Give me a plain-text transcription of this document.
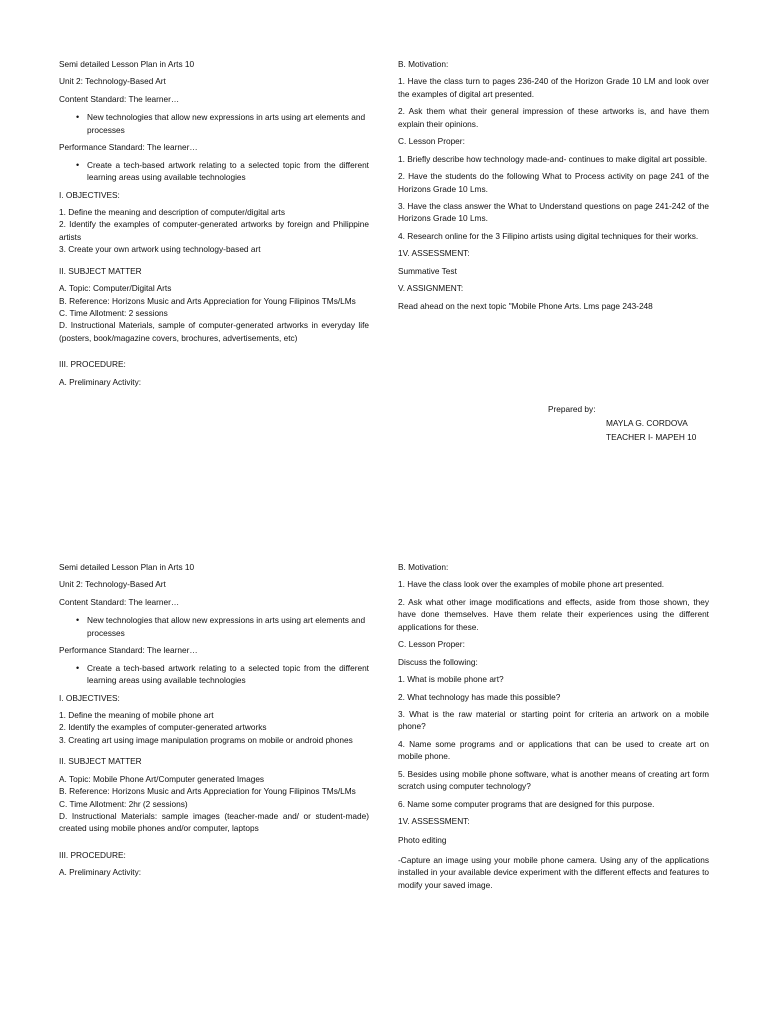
Semi detailed Lesson Plan in Arts 10

Unit 2: Technology-Based Art

Content Standard: The learner…

• New technologies that allow new expressions in arts using art elements and processes

Performance Standard: The learner…

• Create a tech-based artwork relating to a selected topic from the different learning areas using available technologies

I. OBJECTIVES:

1. Define the meaning and description of computer/digital arts

2. Identify the examples of computer-generated artworks by foreign and Philippine artists

3. Create your own artwork using technology-based art

II. SUBJECT MATTER

A. Topic: Computer/Digital Arts

B. Reference: Horizons Music and Arts Appreciation for Young Filipinos TMs/LMs

C. Time Allotment: 2 sessions

D. Instructional Materials, sample of computer-generated artworks in everyday life (posters, book/magazine covers, brochures, advertisements, etc)

III. PROCEDURE:

A. Preliminary Activity:

B. Motivation:

1. Have the class turn to pages 236-240 of the Horizon Grade 10 LM and look over the examples of digital art presented.

2. Ask them what their general impression of these artworks is, and have them explain their opinions.

C. Lesson Proper:

1. Briefly describe how technology made-and- continues to make digital art possible.

2. Have the students do the following What to Process activity on page 241 of the Horizons Grade 10 Lms.

3. Have the class answer the What to Understand questions on page 241-242 of the Horizons Grade 10 Lms.

4. Research online for the 3 Filipino artists using digital techniques for their works.

1V. ASSESSMENT:

Summative Test

V. ASSIGNMENT:

Read ahead on the next topic "Mobile Phone Arts. Lms page 243-248

Prepared by:
MAYLA G. CORDOVA
TEACHER I- MAPEH 10

Semi detailed Lesson Plan in Arts 10

Unit 2: Technology-Based Art

Content Standard: The learner…

• New technologies that allow new expressions in arts using art elements and processes

Performance Standard: The learner…

• Create a tech-based artwork relating to a selected topic from the different learning areas using available technologies

I. OBJECTIVES:

1. Define the meaning of mobile phone art

2. Identify the examples of computer-generated artworks

3. Creating art using image manipulation programs on mobile or android phones

II. SUBJECT MATTER

A. Topic: Mobile Phone Art/Computer generated Images

B. Reference: Horizons Music and Arts Appreciation for Young Filipinos TMs/LMs

C. Time Allotment: 2hr (2 sessions)

D. Instructional Materials: sample images (teacher-made and/ or student-made) created using mobile phones and/or computer, laptops

III. PROCEDURE:

A. Preliminary Activity:

B. Motivation:

1. Have the class look over the examples of mobile phone art presented.

2. Ask what other image modifications and effects, aside from those shown, they have done themselves. Have them relate their experiences using the different applications for these.

C. Lesson Proper:

Discuss the following:

1. What is mobile phone art?

2. What technology has made this possible?

3. What is the raw material or starting point for criteria an artwork on a mobile phone?

4. Name some programs and or applications that can be used to create art on mobile phone.

5. Besides using mobile phone software, what is another means of creating art form scratch using computer technology?

6. Name some computer programs that are designed for this purpose.

1V. ASSESSMENT:

Photo editing

-Capture an image using your mobile phone camera. Using any of the applications installed in your available device experiment with the different effects and features to modify your saved image.
